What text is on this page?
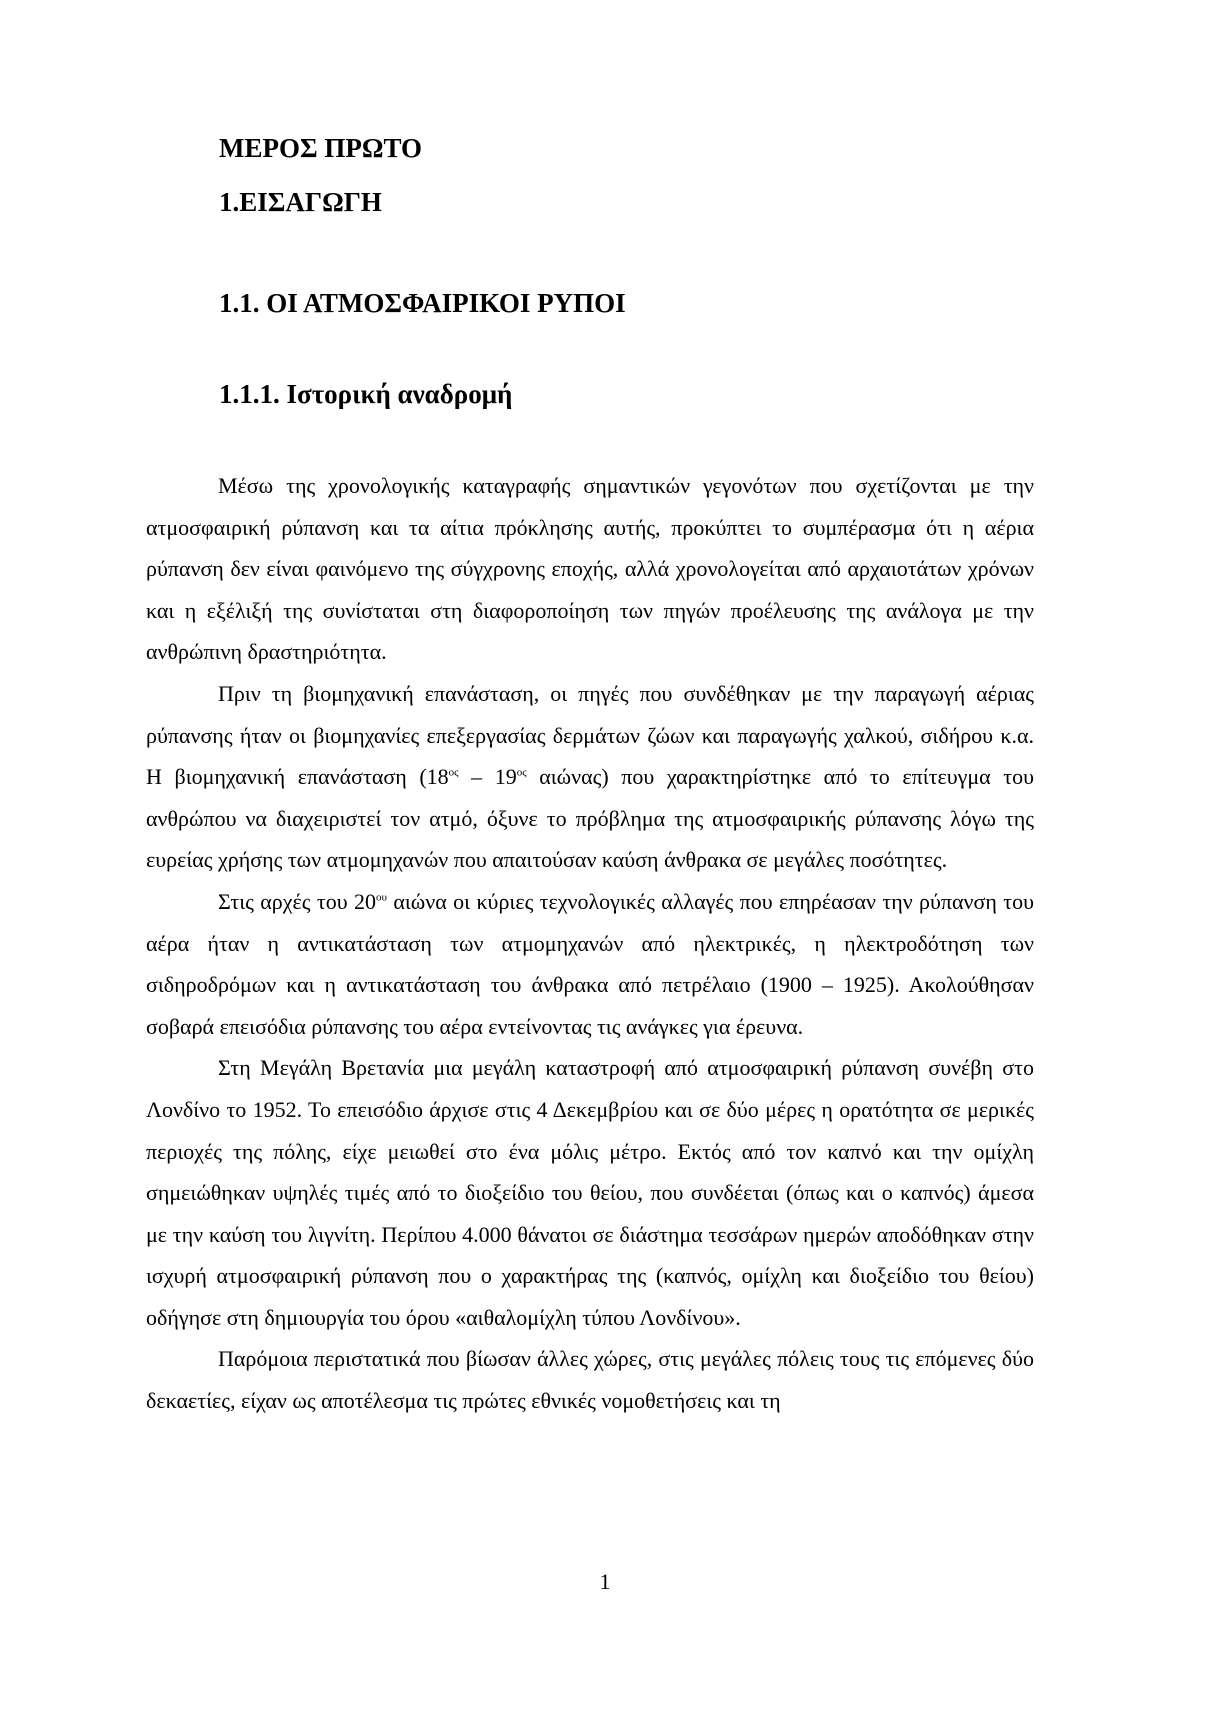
ΜΕΡΟΣ ΠΡΩΤΟ
1.ΕΙΣΑΓΩΓΗ
1.1. ΟΙ ΑΤΜΟΣΦΑΙΡΙΚΟΙ ΡΥΠΟΙ
1.1.1. Ιστορική αναδρομή

Μέσω της χρονολογικής καταγραφής σημαντικών γεγονότων που σχετίζονται με την ατμοσφαιρική ρύπανση και τα αίτια πρόκλησης αυτής, προκύπτει το συμπέρασμα ότι η αέρια ρύπανση δεν είναι φαινόμενο της σύγχρονης εποχής, αλλά χρονολογείται από αρχαιοτάτων χρόνων και η εξέλιξή της συνίσταται στη διαφοροποίηση των πηγών προέλευσης της ανάλογα με την ανθρώπινη δραστηριότητα.

Πριν τη βιομηχανική επανάσταση, οι πηγές που συνδέθηκαν με την παραγωγή αέριας ρύπανσης ήταν οι βιομηχανίες επεξεργασίας δερμάτων ζώων και παραγωγής χαλκού, σιδήρου κ.α. Η βιομηχανική επανάσταση ($18^{o\varsigma} - 19^{o\varsigma}$ αιώνας) που χαρακτηρίστηκε από το επίτευγμα του ανθρώπου να διαχειριστεί τον ατμό, όξυνε το πρόβλημα της ατμοσφαιρικής ρύπανσης λόγω της ευρείας χρήσης των ατμομηχανών που απαιτούσαν καύση άνθρακα σε μεγάλες ποσότητες.

Στις αρχές του $20^{o\upsilon}$ αιώνα οι κύριες τεχνολογικές αλλαγές που επηρέασαν την ρύπανση του αέρα ήταν η αντικατάσταση των ατμομηχανών από ηλεκτρικές, η ηλεκτροδότηση των σιδηροδρόμων και η αντικατάσταση του άνθρακα από πετρέλαιο (1900 – 1925). Ακολούθησαν σοβαρά επεισόδια ρύπανσης του αέρα εντείνοντας τις ανάγκες για έρευνα.

Στη Μεγάλη Βρετανία μια μεγάλη καταστροφή από ατμοσφαιρική ρύπανση συνέβη στο Λονδίνο το 1952. Το επεισόδιο άρχισε στις 4 Δεκεμβρίου και σε δύο μέρες η ορατότητα σε μερικές περιοχές της πόλης, είχε μειωθεί στο ένα μόλις μέτρο. Εκτός από τον καπνό και την ομίχλη σημειώθηκαν υψηλές τιμές από το διοξείδιο του θείου, που συνδέεται (όπως και ο καπνός) άμεσα με την καύση του λιγνίτη. Περίπου 4.000 θάνατοι σε διάστημα τεσσάρων ημερών αποδόθηκαν στην ισχυρή ατμοσφαιρική ρύπανση που ο χαρακτήρας της (καπνός, ομίχλη και διοξείδιο του θείου) οδήγησε στη δημιουργία του όρου «αιθαλομίχλη τύπου Λονδίνου».

Παρόμοια περιστατικά που βίωσαν άλλες χώρες, στις μεγάλες πόλεις τους τις επόμενες δύο δεκαετίες, είχαν ως αποτέλεσμα τις πρώτες εθνικές νομοθετήσεις και τη

1
